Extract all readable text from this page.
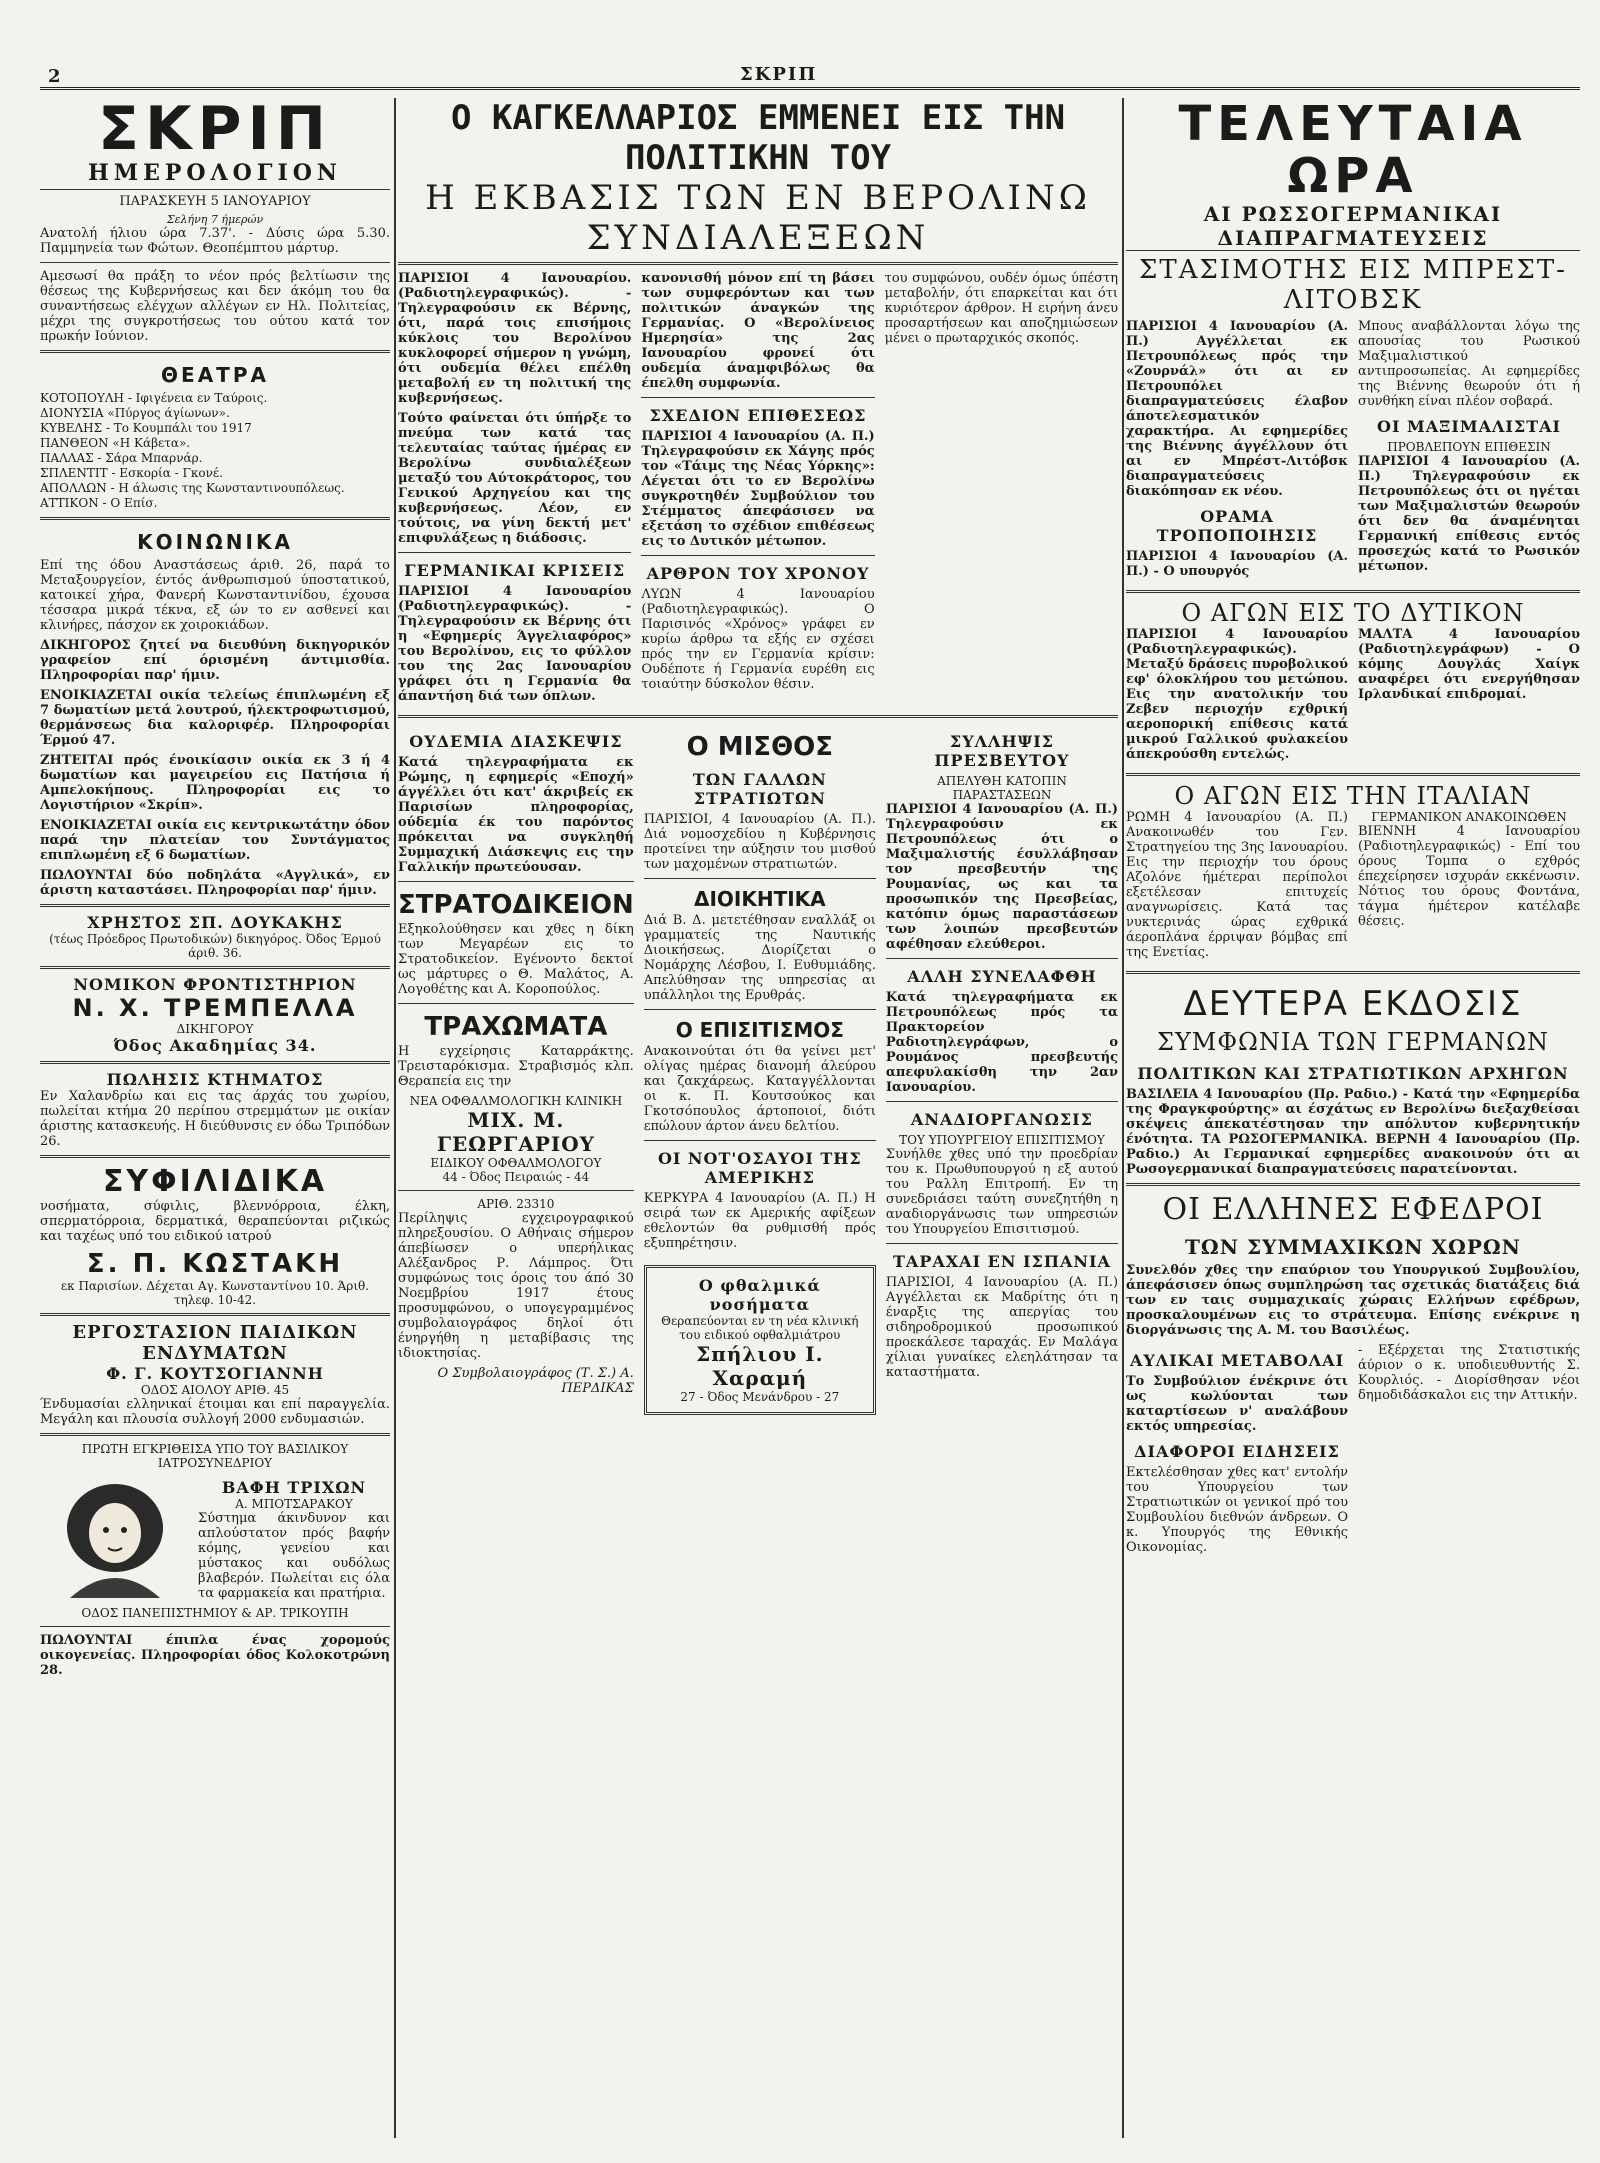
2	ΣΚΡΙΠ
ΣΚΡΙΠ
ΗΜΕΡΟΛΟΓΙΟΝ
ΠΑΡΑΣΚΕΥΗ 5 ΙΑΝΟΥΑΡΙΟΥ
Σελήνη 7 ήμερών
Ανατολή ήλιου ώρα 7.37'. - Δύσις ώρα 5.30. Παμμηνεία των Φώτων. Θεοπέμπτου μάρτυρ.
Αμεσωσί θα πράξη το νέον πρός βελτίωσιν της θέσεως της Κυβερνήσεως και δεν άκόμη του θα συναντήσεως ελέγχων αλλέγων εν Ηλ. Πολιτείας, μέχρι της συγκροτήσεως του ούτου κατά τον πρωκήν Ιούνιον.
ΘΕΑΤΡΑ
ΚΟΤΟΠΟΥΛΗ - Ιφιγένεια εν Ταύροις.
ΔΙΟΝΥΣΙΑ «Πύργος άγίωνων».
ΚΥΒΕΛΗΣ - Το Κουμπάλι του 1917
ΠΑΝΘΕΟΝ «Η Κάβετα».
ΠΑΛΛΑΣ - Σάρα Μπαρνάρ.
ΣΠΛΕΝΤΙΤ - Εσκορία - Γκονέ.
ΑΠΟΛΛΩΝ - Η άλωσις της Κωνσταντινουπόλεως.
ΑΤΤΙΚΟΝ - Ο Επίσ.
ΚΟΙΝΩΝΙΚΑ
Επί της όδου Αναστάσεως άριθ. 26, παρά το Μεταξουργείον, έντός άνθρωπισμού ύποστατικού, κατοικεί χήρα, Φανερή Κωνσταντινίδου, έχουσα τέσσαρα μικρά τέκνα, εξ ών το εν ασθενεί και κλινήρες, πάσχον εκ χοιροκιάδων.
ΔΙΚΗΓΟΡΟΣ ζητεί να διευθύνη δικηγορικόν γραφείον επί όρισμένη άντιμισθία. Πληροφορίαι παρ' ήμιν.
ΕΝΟΙΚΙΑΖΕΤΑΙ οικία τελείως έπιπλωμένη εξ 7 δωματίων μετά λουτρού, ήλεκτροφωτισμού, θερμάνσεως δια καλοριφέρ. Πληροφορίαι Έρμού 47.
ΖΗΤΕΙΤΑΙ πρός ένοικίασιν οικία εκ 3 ή 4 δωματίων και μαγειρείου εις Πατήσια ή Αμπελοκήπους. Πληροφορίαι εις το Λογιστήριον «Σκρίπ».
ΕΝΟΙΚΙΑΖΕΤΑΙ οικία εις κεντρικωτάτην όδον παρά την πλατείαν του Συντάγματος επιπλωμένη εξ 6 δωματίων.
ΠΩΛΟΥΝΤΑΙ δύο ποδηλάτα «Αγγλικά», εν άριστη καταστάσει. Πληροφορίαι παρ' ήμιν.
ΧΡΗΣΤΟΣ ΣΠ. ΔΟΥΚΑΚΗΣ
(τέως Πρόεδρος Πρωτοδικών) δικηγόρος. Όδος Έρμού άριθ. 36.
ΝΟΜΙΚΟΝ ΦΡΟΝΤΙΣΤΗΡΙΟΝ
Ν. Χ. ΤΡΕΜΠΕΛΛΑ
ΔΙΚΗΓΟΡΟΥ
Όδος Ακαδημίας 34.
ΠΩΛΗΣΙΣ ΚΤΗΜΑΤΟΣ
Εν Χαλανδρίω και εις τας άρχάς του χωρίου, πωλείται κτήμα 20 περίπου στρεμμάτων με οικίαν άριστης κατασκευής. Η διεύθυνσις εν όδω Τριπόδων 26.
ΣΥΦΙΛΙΔΙΚΑ
νοσήματα, σύφιλις, βλεννόρροια, έλκη, σπερματόρροια, δερματικά, θεραπεύονται ριζικώς και ταχέως υπό του ειδικού ιατρού
Σ. Π. ΚΩΣΤΑΚΗ
εκ Παρισίων. Δέχεται Αγ. Κωνσταντίνου 10. Άριθ. τηλεφ. 10-42.
ΕΡΓΟΣΤΑΣΙΟΝ ΠΑΙΔΙΚΩΝ ΕΝΔΥΜΑΤΩΝ
Φ. Γ. ΚΟΥΤΣΟΓΙΑΝΝΗ
ΟΔΟΣ ΑΙΟΛΟΥ ΑΡΙΘ. 45
Ένδυμασίαι ελληνικαί έτοιμαι και επί παραγγελία. Μεγάλη και πλουσία συλλογή 2000 ενδυμασιών.
ΠΡΩΤΗ ΕΓΚΡΙΘΕΙΣΑ ΥΠΟ ΤΟΥ ΒΑΣΙΛΙΚΟΥ ΙΑΤΡΟΣΥΝΕΔΡΙΟΥ
ΒΑΦΗ ΤΡΙΧΩΝ
Α. ΜΠΟΤΣΑΡΑΚΟΥ
Σύστημα άκινδυνον και απλούστατον πρός βαφήν κόμης, γενείου και μύστακος και ουδόλως βλαβερόν. Πωλείται εις όλα τα φαρμακεία και πρατήρια.
ΟΔΟΣ ΠΑΝΕΠΙΣΤΗΜΙΟΥ & ΑΡ. ΤΡΙΚΟΥΠΗ
ΠΩΛΟΥΝΤΑΙ έπιπλα ένας χορομούς οικογενείας. Πληροφορίαι όδος Κολοκοτρώνη 28.
Ο ΚΑΓΚΕΛΛΑΡΙΟΣ ΕΜΜΕΝΕΙ ΕΙΣ ΤΗΝ ΠΟΛΙΤΙΚΗΝ ΤΟΥ
Η ΕΚΒΑΣΙΣ ΤΩΝ ΕΝ ΒΕΡΟΛΙΝΩ ΣΥΝΔΙΑΛΕΞΕΩΝ
ΠΑΡΙΣΙΟΙ 4 Ιανουαρίου. (Ραδιοτηλεγραφικώς). - Τηλεγραφούσιν εκ Βέρνης, ότι, παρά τοις επισήμοις κύκλοις του Βερολίνου κυκλοφορεί σήμερον η γνώμη, ότι ουδεμία θέλει επέλθη μεταβολή εν τη πολιτική της κυβερνήσεως.
Τούτο φαίνεται ότι ύπήρξε το πνεύμα των κατά τας τελευταίας ταύτας ήμέρας εν Βερολίνω συνδιαλέξεων μεταξύ του Αύτοκράτορος, του Γενικού Αρχηγείου και της κυβερνήσεως. Λέον, εν τούτοις, να γίνη δεκτή μετ' επιφυλάξεως η διάδοσις.
ΓΕΡΜΑΝΙΚΑΙ ΚΡΙΣΕΙΣ
ΠΑΡΙΣΙΟΙ 4 Ιανουαρίου (Ραδιοτηλεγραφικώς). - Τηλεγραφούσιν εκ Βέρνης ότι η «Εφημερίς Άγγελιαφόρος» του Βερολίνου, εις το φύλλον του της 2ας Ιανουαρίου γράφει ότι η Γερμανία θα άπαντήση διά των όπλων.
κανονισθή μόνον επί τη βάσει των συμφερόντων και των πολιτικών άναγκών της Γερμανίας. Ο «Βερολίνειος Ημερησία» της 2ας Ιανουαρίου φρονεί ότι ουδεμία άναμφιβόλως θα έπελθη συμφωνία.
ΣΧΕΔΙΟΝ ΕΠΙΘΕΣΕΩΣ
ΠΑΡΙΣΙΟΙ 4 Ιανουαρίου (Α. Π.) Τηλεγραφούσιν εκ Χάγης πρός τον «Τάιμς της Νέας Υόρκης»: Λέγεται ότι το εν Βερολίνω συγκροτηθέν Συμβούλιον του Στέμματος άπεφάσισεν να εξετάση το σχέδιον επιθέσεως εις το Δυτικόν μέτωπον.
ΑΡΘΡΟΝ ΤΟΥ ΧΡΟΝΟΥ
ΛΥΩΝ 4 Ιανουαρίου (Ραδιοτηλεγραφικώς). Ο Παρισινός «Χρόνος» γράφει εν κυρίω άρθρω τα εξής εν σχέσει πρός την εν Γερμανία κρίσιν: Ουδέποτε ή Γερμανία ευρέθη εις τοιαύτην δύσκολον θέσιν.
του συμφώνου, ουδέν όμως ύπέστη μεταβολήν, ότι επαρκείται και ότι κυριότερον άρθρον. Η ειρήνη άνευ προσαρτήσεων και αποζημιώσεων μένει ο πρωταρχικός σκοπός.
ΟΥΔΕΜΙΑ ΔΙΑΣΚΕΨΙΣ
Κατά τηλεγραφήματα εκ Ρώμης, η εφημερίς «Εποχή» άγγέλλει ότι κατ' άκριβείς εκ Παρισίων πληροφορίας, ούδεμία έκ του παρόντος πρόκειται να συγκληθή Συμμαχική Διάσκεψις εις την Γαλλικήν πρωτεύουσαν.
ΣΤΡΑΤΟΔΙΚΕΙΟΝ
Εξηκολούθησεν και χθες η δίκη των Μεγαρέων εις το Στρατοδικείον. Εγένοντο δεκτοί ως μάρτυρες ο Θ. Μαλάτος, Α. Λογοθέτης και Α. Κοροπούλος.
ΤΡΑΧΩΜΑΤΑ
Η εγχείρησις Καταρράκτης. Τρεισταρόκισμα. Στραβισμός κλπ. Θεραπεία εις την
ΝΕΑ ΟΦΘΑΛΜΟΛΟΓΙΚΗ ΚΛΙΝΙΚΗ
ΜΙΧ. Μ. ΓΕΩΡΓΑΡΙΟΥ
ΕΙΔΙΚΟΥ ΟΦΘΑΛΜΟΛΟΓΟΥ
44 - Όδος Πειραιώς - 44
ΑΡΙΘ. 23310
Περίληψις εγχειρογραφικού πληρεξουσίου. Ο Αθήναις σήμερον άπεβίωσεν ο υπερήλικας Αλέξανδρος Ρ. Λάμπρος. Ότι συμφώνως τοις όροις του άπό 30 Νοεμβρίου 1917 έτους προσυμφώνου, ο υπογεγραμμένος συμβολαιογράφος δηλοί ότι ένηργήθη η μεταβίβασις της ιδιοκτησίας.
Ο Συμβολαιογράφος (Τ. Σ.) Α. ΠΕΡΔΙΚΑΣ
Ο ΜΙΣΘΟΣ
ΤΩΝ ΓΑΛΛΩΝ ΣΤΡΑΤΙΩΤΩΝ
ΠΑΡΙΣΙΟΙ, 4 Ιανουαρίου (Α. Π.). Διά νομοσχεδίου η Κυβέρνησις προτείνει την αύξησιν του μισθού των μαχομένων στρατιωτών.
ΔΙΟΙΚΗΤΙΚΑ
Διά Β. Δ. μετετέθησαν εναλλάξ οι γραμματείς της Ναυτικής Διοικήσεως. Διορίζεται ο Νομάρχης Λέσβου, Ι. Ευθυμιάδης. Απελύθησαν της υπηρεσίας αι υπάλληλοι της Ερυθράς.
Ο ΕΠΙΣΙΤΙΣΜΟΣ
Ανακοινούται ότι θα γείνει μετ' ολίγας ημέρας διανομή άλεύρου και ζακχάρεως. Καταγγέλλονται οι κ. Π. Κουτσούκος και Γκοτσόπουλος άρτοποιοί, διότι επώλουν άρτον άνευ δελτίου.
ΟΙ ΝΟΤ'ΟΣΑΥΟΙ ΤΗΣ ΑΜΕΡΙΚΗΣ
ΚΕΡΚΥΡΑ 4 Ιανουαρίου (Α. Π.) Η σειρά των εκ Αμερικής αφίξεων εθελοντών θα ρυθμισθή πρός εξυπηρέτησιν.
Ο φθαλμικά νοσήματα
Θεραπεύονται εν τη νέα κλινική του ειδικού οφθαλμιάτρου
Σπήλιου Ι. Χαραμή
27 - Όδος Μενάνδρου - 27
ΣΥΛΛΗΨΙΣ ΠΡΕΣΒΕΥΤΟΥ
ΑΠΕΛΥΘΗ ΚΑΤΟΠΙΝ ΠΑΡΑΣΤΑΣΕΩΝ
ΠΑΡΙΣΙΟΙ 4 Ιανουαρίου (Α. Π.) Τηλεγραφούσιν εκ Πετρουπόλεως ότι ο Μαξιμαλιστής έσυλλάβησαν τον πρεσβευτήν της Ρουμανίας, ως και τα προσωπικόν της Πρεσβείας, κατόπιν όμως παραστάσεων των λοιπών πρεσβευτών αφέθησαν ελεύθεροι.
ΑΛΛΗ ΣΥΝΕΛΑΦΘΗ
Κατά τηλεγραφήματα εκ Πετρουπόλεως πρός τα Πρακτορείον Ραδιοτηλεγράφων, ο Ρουμάνος πρεσβευτής απεφυλακίσθη την 2αν Ιανουαρίου.
ΑΝΑΔΙΟΡΓΑΝΩΣΙΣ
ΤΟΥ ΥΠΟΥΡΓΕΙΟΥ ΕΠΙΣΙΤΙΣΜΟΥ
Συνήλθε χθες υπό την προεδρίαν του κ. Πρωθυπουργού η εξ αυτού του Ραλλη Επιτροπή. Εν τη συνεδριάσει ταύτη συνεζητήθη η αναδιοργάνωσις των υπηρεσιών του Υπουργείου Επισιτισμού.
ΤΑΡΑΧΑΙ ΕΝ ΙΣΠΑΝΙΑ
ΠΑΡΙΣΙΟΙ, 4 Ιανουαρίου (Α. Π.) Αγγέλλεται εκ Μαδρίτης ότι η έναρξις της απεργίας του σιδηροδρομικού προσωπικού προεκάλεσε ταραχάς. Εν Μαλάγα χίλιαι γυναίκες ελεηλάτησαν τα καταστήματα.
ΤΕΛΕΥΤΑΙΑ ΩΡΑ
ΑΙ ΡΩΣΣΟΓΕΡΜΑΝΙΚΑΙ ΔΙΑΠΡΑΓΜΑΤΕΥΣΕΙΣ
ΣΤΑΣΙΜΟΤΗΣ ΕΙΣ ΜΠΡΕΣΤ-ΛΙΤΟΒΣΚ
ΠΑΡΙΣΙΟΙ 4 Ιανουαρίου (Α. Π.) Αγγέλλεται εκ Πετρουπόλεως πρός την «Ζουρνάλ» ότι αι εν Πετρουπόλει διαπραγματεύσεις έλαβον άποτελεσματικόν χαρακτήρα. Αι εφημερίδες της Βιέννης άγγέλλουν ότι αι εν Μπρέστ-Λιτόβσκ διαπραγματεύσεις διακόπησαν εκ νέου.
ΟΡΑΜΑ ΤΡΟΠΟΠΟΙΗΣΙΣ
ΠΑΡΙΣΙΟΙ 4 Ιανουαρίου (Α. Π.) - Ο υπουργός
Μπους αναβάλλονται λόγω της απουσίας του Ρωσικού Μαξιμαλιστικού αντιπροσωπείας. Αι εφημερίδες της Βιέννης θεωρούν ότι ή συνθήκη είναι πλέον σοβαρά.
ΟΙ ΜΑΞΙΜΑΛΙΣΤΑΙ
ΠΡΟΒΛΕΠΟΥΝ ΕΠΙΘΕΣΙΝ
ΠΑΡΙΣΙΟΙ 4 Ιανουαρίου (Α. Π.) Τηλεγραφούσιν εκ Πετρουπόλεως ότι οι ηγέται των Μαξιμαλιστών θεωρούν ότι δεν θα άναμένηται Γερμανική επίθεσις εντός προσεχώς κατά το Ρωσικόν μέτωπον.
Ο ΑΓΩΝ ΕΙΣ ΤΟ ΔΥΤΙΚΟΝ
ΠΑΡΙΣΙΟΙ 4 Ιανουαρίου (Ραδιοτηλεγραφικώς). Μεταξύ δράσεις πυροβολικού εφ' όλοκλήρου του μετώπου. Εις την ανατολικήν του Ζεβεν περιοχήν εχθρική αεροπορική επίθεσις κατά μικρού Γαλλικού φυλακείου άπεκρούσθη εντελώς.
ΜΑΛΤΑ 4 Ιανουαρίου (Ραδιοτηλεγράφων) - Ο κόμης Δουγλάς Χαίγκ αναφέρει ότι ενεργήθησαν Ιρλανδικαί επιδρομαί.
Ο ΑΓΩΝ ΕΙΣ ΤΗΝ ΙΤΑΛΙΑΝ
ΡΩΜΗ 4 Ιανουαρίου (Α. Π.) Ανακοινωθέν του Γεν. Στρατηγείου της 3ης Ιανουαρίου. Εις την περιοχήν του όρους Αζολόνε ήμέτεραι περίπολοι εξετέλεσαν επιτυχείς αναγνωρίσεις. Κατά τας νυκτερινάς ώρας εχθρικά άεροπλάνα έρριψαν βόμβας επί της Ενετίας.
ΓΕΡΜΑΝΙΚΟΝ ΑΝΑΚΟΙΝΩΘΕΝ
ΒΙΕΝΝΗ 4 Ιανουαρίου (Ραδιοτηλεγραφικώς) - Επί του όρους Τομπα ο εχθρός έπεχείρησεν ισχυράν εκκένωσιν. Νότιος του όρους Φοντάνα, τάγμα ήμέτερον κατέλαβε θέσεις.
ΔΕΥΤΕΡΑ ΕΚΔΟΣΙΣ
ΣΥΜΦΩΝΙΑ ΤΩΝ ΓΕΡΜΑΝΩΝ
ΠΟΛΙΤΙΚΩΝ ΚΑΙ ΣΤΡΑΤΙΩΤΙΚΩΝ ΑΡΧΗΓΩΝ
ΒΑΣΙΛΕΙΑ 4 Ιανουαρίου (Πρ. Ραδιο.) - Κατά την «Εφημερίδα της Φραγκφούρτης» αι έσχάτως εν Βερολίνω διεξαχθείσαι σκέψεις άπεκατέστησαν την απόλυτον κυβερνητικήν ένότητα. ΤΑ ΡΩΣΟΓΕΡΜΑΝΙΚΑ. ΒΕΡΝΗ 4 Ιανουαρίου (Πρ. Ραδιο.) Αι Γερμανικαί εφημερίδες ανακοινούν ότι αι Ρωσογερμανικαί διαπραγματεύσεις παρατείνονται.
ΟΙ ΕΛΛΗΝΕΣ ΕΦΕΔΡΟΙ
ΤΩΝ ΣΥΜΜΑΧΙΚΩΝ ΧΩΡΩΝ
Συνελθόν χθες την επαύριον του Υπουργικού Συμβουλίου, άπεφάσισεν όπως συμπληρώση τας σχετικάς διατάξεις διά των εν ταις συμμαχικαίς χώραις Ελλήνων εφέδρων, προσκαλουμένων εις το στράτευμα. Επίσης ενέκρινε η διοργάνωσις της Α. Μ. του Βασιλέως.
ΑΥΛΙΚΑΙ ΜΕΤΑΒΟΛΑΙ
Το Συμβούλιον ένέκρινε ότι ως κωλύονται των καταρτίσεων ν' αναλάβουν εκτός υπηρεσίας.
ΔΙΑΦΟΡΟΙ ΕΙΔΗΣΕΙΣ
Εκτελέσθησαν χθες κατ' εντολήν του Υπουργείου των Στρατιωτικών οι γενικοί πρό του Συμβουλίου διεθνών άνδρεων. Ο κ. Υπουργός της Εθνικής Οικονομίας.
- Εξέρχεται της Στατιστικής άύριον ο κ. υποδιευθυντής Σ. Κουρλιός. - Διορίσθησαν νέοι δημοδιδάσκαλοι εις την Αττικήν.
